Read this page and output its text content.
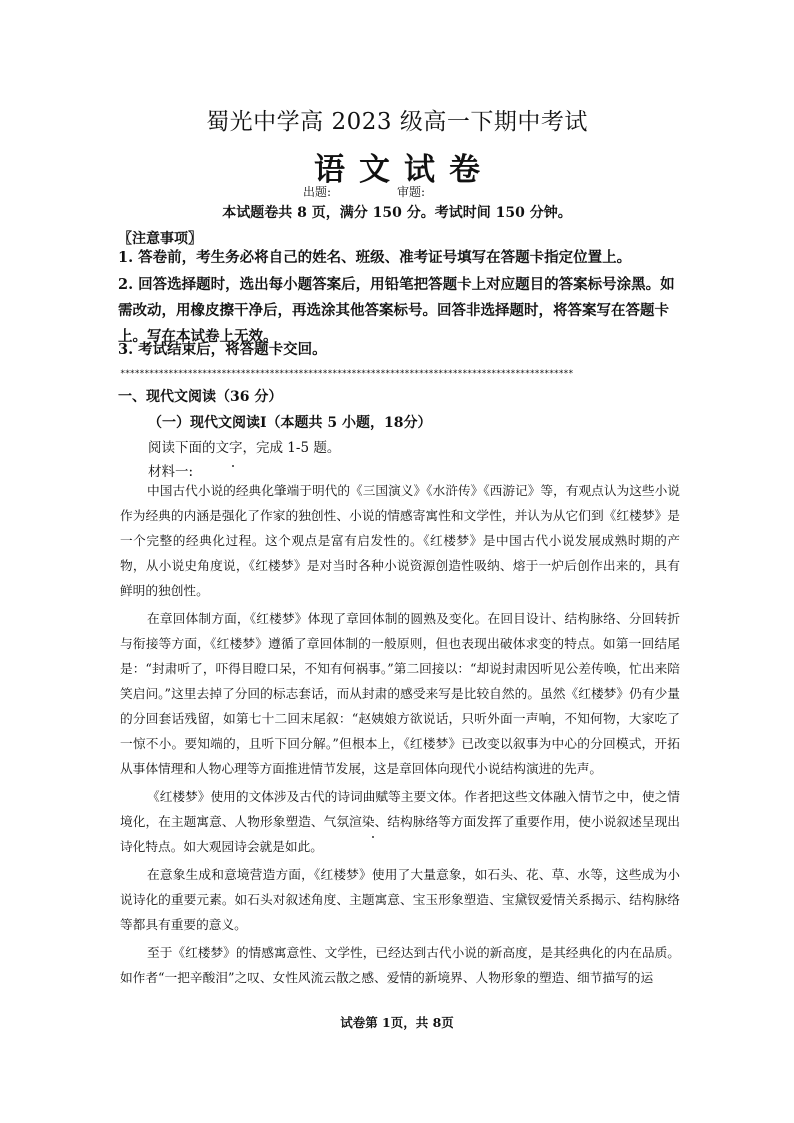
蜀光中学高 2023 级高一下期中考试
语文试卷
出题:	审题:
本试题卷共 8 页，满分 150 分。考试时间 150 分钟。
〖注意事项〗
1. 答卷前，考生务必将自己的姓名、班级、准考证号填写在答题卡指定位置上。
2. 回答选择题时，选出每小题答案后，用铅笔把答题卡上对应题目的答案标号涂黑。如需改动，用橡皮擦干净后，再选涂其他答案标号。回答非选择题时，将答案写在答题卡上。写在本试卷上无效。
3. 考试结束后，将答题卡交回。
**********************************************************************************************
一、现代文阅读（36 分）
（一）现代文阅读Ⅰ（本题共 5 小题，18分）
阅读下面的文字，完成 1-5 题。
材料一:

中国古代小说的经典化肇端于明代的《三国演义》《水浒传》《西游记》等，有观点认为这些小说作为经典的内涵是强化了作家的独创性、小说的情感寄寓性和文学性，并认为从它们到《红楼梦》是一个完整的经典化过程。这个观点是富有启发性的。《红楼梦》是中国古代小说发展成熟时期的产物，从小说史角度说，《红楼梦》是对当时各种小说资源创造性吸纳、熔于一炉后创作出来的，具有鲜明的独创性。

在章回体制方面，《红楼梦》体现了章回体制的圆熟及变化。在回目设计、结构脉络、分回转折与衔接等方面，《红楼梦》遵循了章回体制的一般原则，但也表现出破体求变的特点。如第一回结尾是：“封肃听了，吓得目瞪口呆，不知有何祸事。”第二回接以：“却说封肃因听见公差传唤，忙出来陪笑启问。”这里去掉了分回的标志套话，而从封肃的感受来写是比较自然的。虽然《红楼梦》仍有少量的分回套话残留，如第七十二回末尾叙：“赵姨娘方欲说话，只听外面一声响，不知何物，大家吃了一惊不小。要知端的，且听下回分解。”但根本上，《红楼梦》已改变以叙事为中心的分回模式，开拓从事体情理和人物心理等方面推进情节发展，这是章回体向现代小说结构演进的先声。

《红楼梦》使用的文体涉及古代的诗词曲赋等主要文体。作者把这些文体融入情节之中，使之情境化，在主题寓意、人物形象塑造、气氛渲染、结构脉络等方面发挥了重要作用，使小说叙述呈现出诗化特点。如大观园诗会就是如此。

在意象生成和意境营造方面，《红楼梦》使用了大量意象，如石头、花、草、水等，这些成为小说诗化的重要元素。如石头对叙述角度、主题寓意、宝玉形象塑造、宝黛钗爱情关系揭示、结构脉络等都具有重要的意义。

至于《红楼梦》的情感寓意性、文学性，已经达到古代小说的新高度，是其经典化的内在品质。如作者“一把辛酸泪”之叹、女性风流云散之感、爱情的新境界、人物形象的塑造、细节描写的运

试卷第 1页，共 8页
